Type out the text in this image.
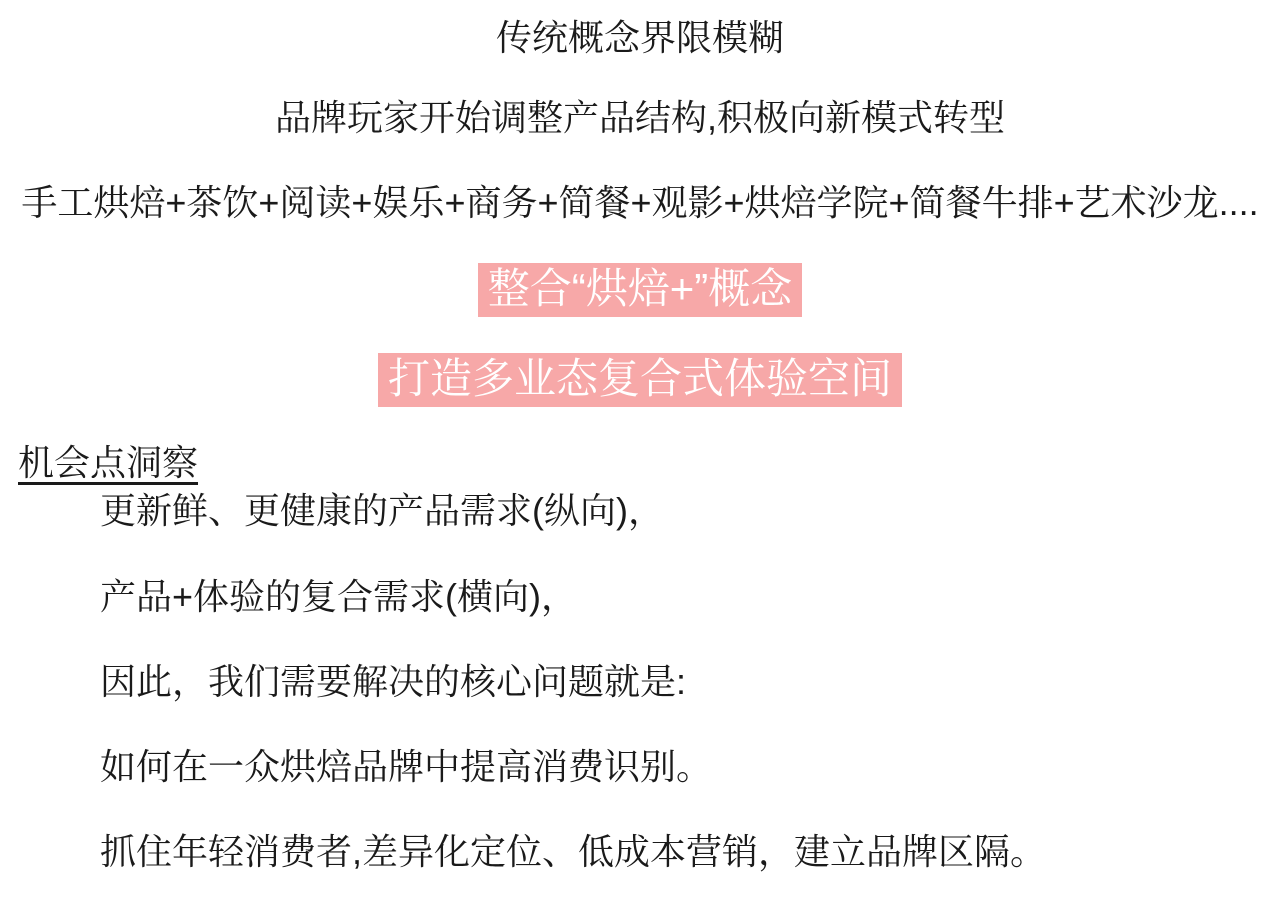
传统概念界限模糊
品牌玩家开始调整产品结构,积极向新模式转型
手工烘焙+茶饮+阅读+娱乐+商务+简餐+观影+烘焙学院+简餐牛排+艺术沙龙....
整合“烘焙+”概念
打造多业态复合式体验空间
机会点洞察
更新鲜、更健康的产品需求(纵向)，
产品+体验的复合需求(横向)，
因此，我们需要解决的核心问题就是:
如何在一众烘焙品牌中提高消费识别。
抓住年轻消费者,差异化定位、低成本营销，建立品牌区隔。
